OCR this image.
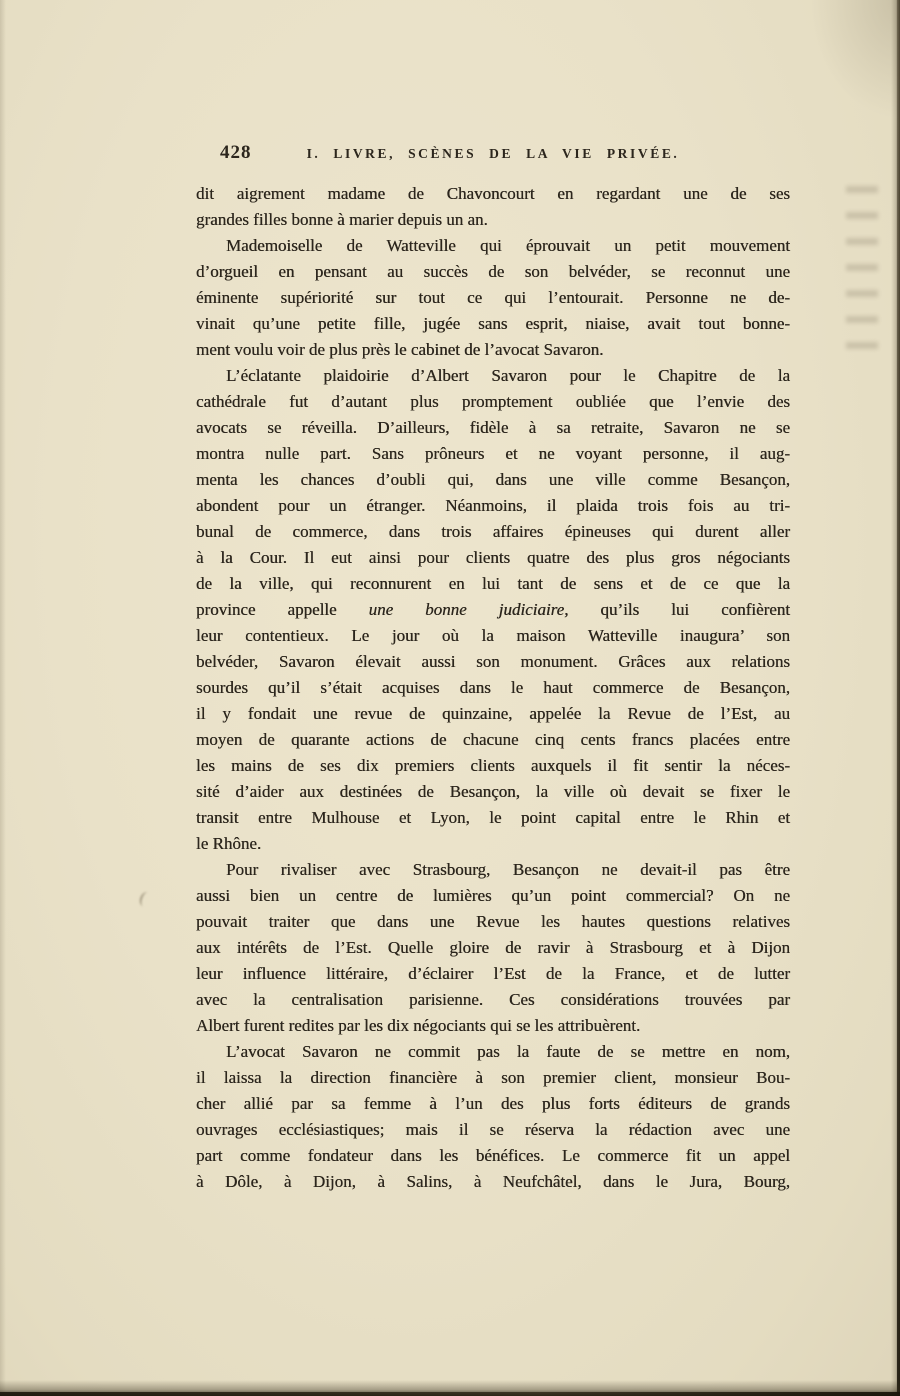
428	I. LIVRE, SCÈNES DE LA VIE PRIVÉE.
dit aigrement madame de Chavoncourt en regardant une de ses
grandes filles bonne à marier depuis un an.
Mademoiselle de Watteville qui éprouvait un petit mouvement
d’orgueil en pensant au succès de son belvéder, se reconnut une
éminente supériorité sur tout ce qui l’entourait. Personne ne de-
vinait qu’une petite fille, jugée sans esprit, niaise, avait tout bonne-
ment voulu voir de plus près le cabinet de l’avocat Savaron.
L’éclatante plaidoirie d’Albert Savaron pour le Chapitre de la
cathédrale fut d’autant plus promptement oubliée que l’envie des
avocats se réveilla. D’ailleurs, fidèle à sa retraite, Savaron ne se
montra nulle part. Sans prôneurs et ne voyant personne, il aug-
menta les chances d’oubli qui, dans une ville comme Besançon,
abondent pour un étranger. Néanmoins, il plaida trois fois au tri-
bunal de commerce, dans trois affaires épineuses qui durent aller
à la Cour. Il eut ainsi pour clients quatre des plus gros négociants
de la ville, qui reconnurent en lui tant de sens et de ce que la
province appelle une bonne judiciaire, qu’ils lui confièrent
leur contentieux. Le jour où la maison Watteville inaugura’ son
belvéder, Savaron élevait aussi son monument. Grâces aux relations
sourdes qu’il s’était acquises dans le haut commerce de Besançon,
il y fondait une revue de quinzaine, appelée la Revue de l’Est, au
moyen de quarante actions de chacune cinq cents francs placées entre
les mains de ses dix premiers clients auxquels il fit sentir la néces-
sité d’aider aux destinées de Besançon, la ville où devait se fixer le
transit entre Mulhouse et Lyon, le point capital entre le Rhin et
le Rhône.
Pour rivaliser avec Strasbourg, Besançon ne devait-il pas être
aussi bien un centre de lumières qu’un point commercial? On ne
pouvait traiter que dans une Revue les hautes questions relatives
aux intérêts de l’Est. Quelle gloire de ravir à Strasbourg et à Dijon
leur influence littéraire, d’éclairer l’Est de la France, et de lutter
avec la centralisation parisienne. Ces considérations trouvées par
Albert furent redites par les dix négociants qui se les attribuèrent.
L’avocat Savaron ne commit pas la faute de se mettre en nom,
il laissa la direction financière à son premier client, monsieur Bou-
cher allié par sa femme à l’un des plus forts éditeurs de grands
ouvrages ecclésiastiques; mais il se réserva la rédaction avec une
part comme fondateur dans les bénéfices. Le commerce fit un appel
à Dôle, à Dijon, à Salins, à Neufchâtel, dans le Jura, Bourg,
